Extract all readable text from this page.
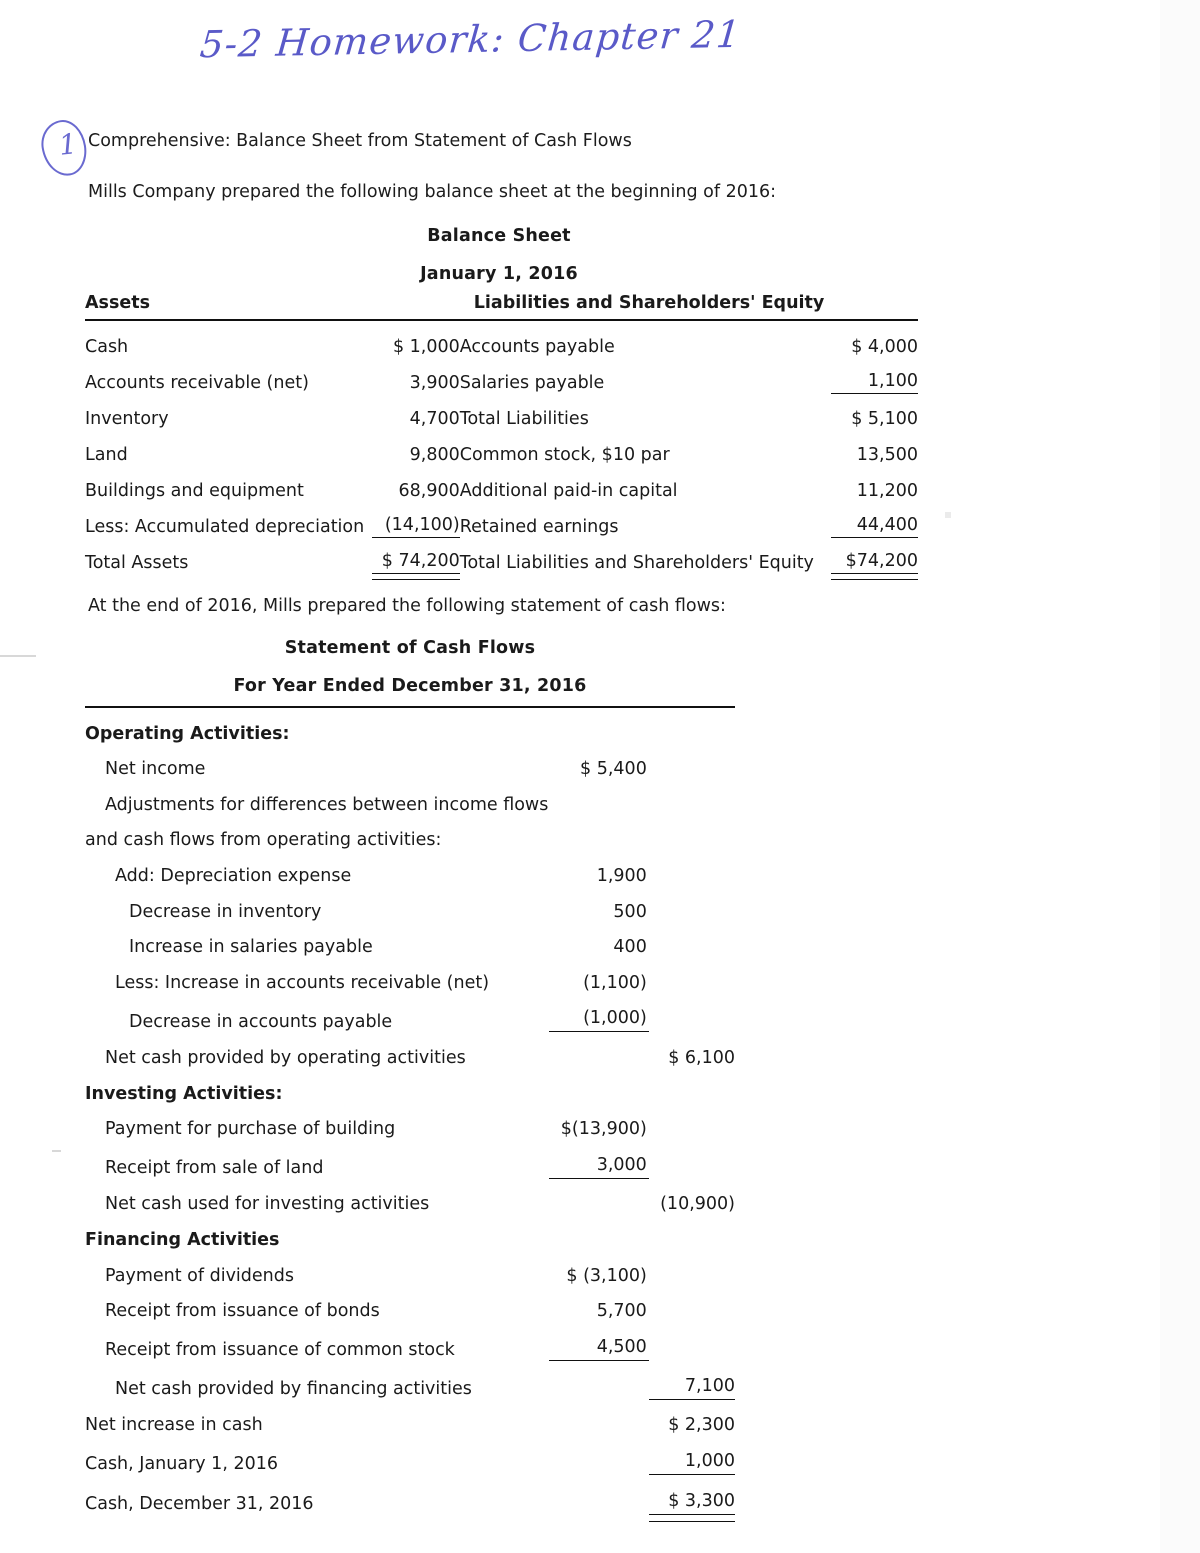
5-2 Homework: Chapter 21
1 Comprehensive: Balance Sheet from Statement of Cash Flows
Mills Company prepared the following balance sheet at the beginning of 2016:
At the end of 2016, Mills prepared the following statement of cash flows:
Balance Sheet
January 1, 2016
Assets		Liabilities and Shareholders' Equity	

Cash	$ 1,000	Accounts payable	$ 4,000
Accounts receivable (net)	3,900	Salaries payable	1,100
Inventory	4,700	Total Liabilities	$ 5,100
Land	9,800	Common stock, $10 par	13,500
Buildings and equipment	68,900	Additional paid-in capital	11,200
Less: Accumulated depreciation	(14,100)	Retained earnings	44,400
Total Assets	$ 74,200	Total Liabilities and Shareholders' Equity	$74,200
Statement of Cash Flows
For Year Ended December 31, 2016

Operating Activities:		
Net income	$ 5,400	
Adjustments for differences between income flows		
and cash flows from operating activities:		
Add: Depreciation expense	1,900	
Decrease in inventory	500	
Increase in salaries payable	400	
Less: Increase in accounts receivable (net)	(1,100)	
Decrease in accounts payable	(1,000)	
Net cash provided by operating activities		$ 6,100
Investing Activities:		
Payment for purchase of building	$(13,900)	
Receipt from sale of land	3,000	
Net cash used for investing activities		(10,900)
Financing Activities		
Payment of dividends	$ (3,100)	
Receipt from issuance of bonds	5,700	
Receipt from issuance of common stock	4,500	
Net cash provided by financing activities		7,100
Net increase in cash		$ 2,300
Cash, January 1, 2016		1,000
Cash, December 31, 2016		$ 3,300
